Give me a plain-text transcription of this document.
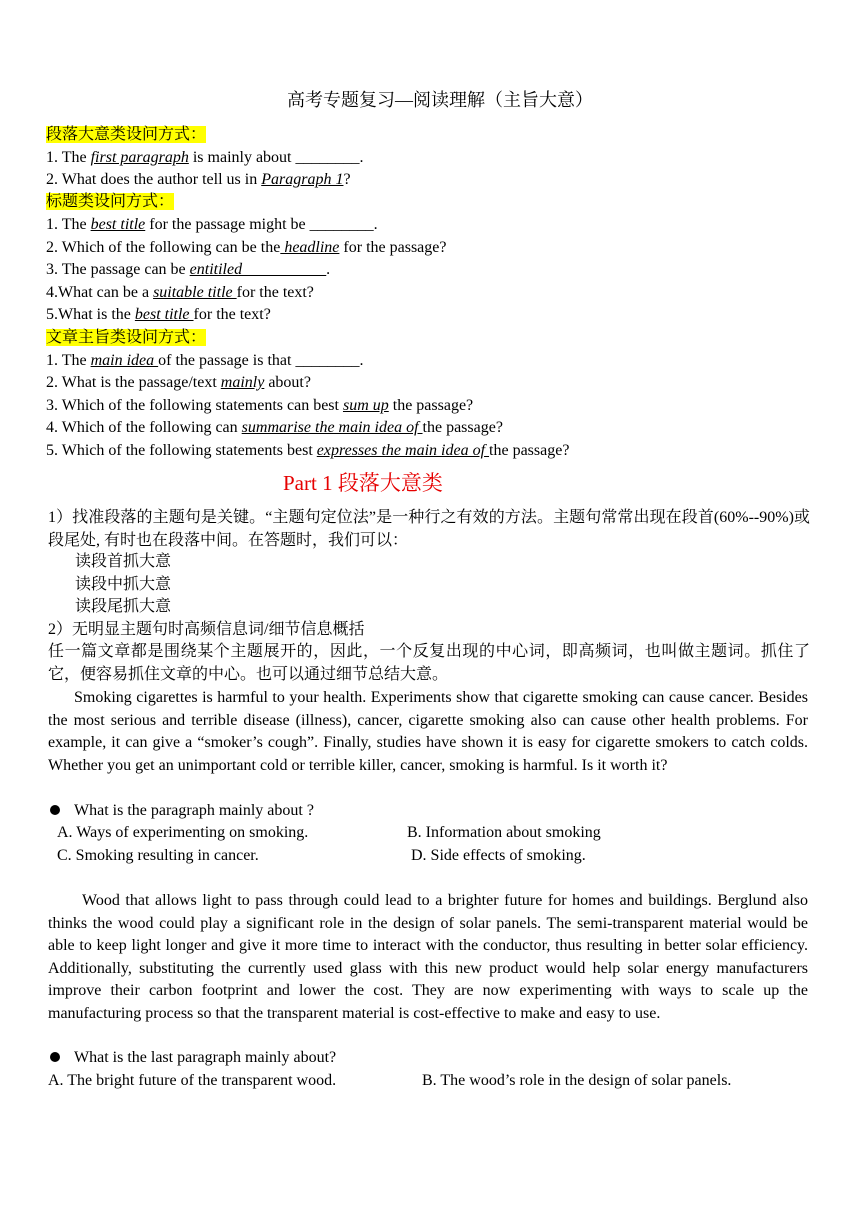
高考专题复习—阅读理解（主旨大意）
段落大意类设问方式：
1. The first paragraph is mainly about ________.
2. What does the author tell us in Paragraph 1?
标题类设问方式：
1. The best title for the passage might be ________.
2. Which of the following can be the headline for the passage?
3. The passage can be entitiled __________.
4.What can be a suitable title for the text?
5.What is the best title for the text?
文章主旨类设问方式：
1. The main idea of the passage is that ________.
2. What is the passage/text mainly about?
3. Which of the following statements can best sum up the passage?
4. Which of the following can summarise the main idea of the passage?
5. Which of the following statements best expresses the main idea of the passage?
Part 1 段落大意类
1）找准段落的主题句是关键。“主题句定位法”是一种行之有效的方法。主题句常常出现在段首(60%--90%)或段尾处, 有时也在段落中间。在答题时，我们可以：
读段首抓大意
读段中抓大意
读段尾抓大意
2）无明显主题句时高频信息词/细节信息概括
任一篇文章都是围绕某个主题展开的，因此，一个反复出现的中心词，即高频词，也叫做主题词。抓住了它，便容易抓住文章的中心。也可以通过细节总结大意。
Smoking cigarettes is harmful to your health. Experiments show that cigarette smoking can cause cancer. Besides the most serious and terrible disease (illness), cancer, cigarette smoking also can cause other health problems. For example, it can give a “smoker’s cough”. Finally, studies have shown it is easy for cigarette smokers to catch colds. Whether you get an unimportant cold or terrible killer, cancer, smoking is harmful. Is it worth it?
What is the paragraph mainly about ?
A. Ways of experimenting on smoking.	B. Information about smoking
C. Smoking resulting in cancer.	D. Side effects of smoking.
Wood that allows light to pass through could lead to a brighter future for homes and buildings. Berglund also thinks the wood could play a significant role in the design of solar panels. The semi-transparent material would be able to keep light longer and give it more time to interact with the conductor, thus resulting in better solar efficiency. Additionally, substituting the currently used glass with this new product would help solar energy manufacturers improve their carbon footprint and lower the cost. They are now experimenting with ways to scale up the manufacturing process so that the transparent material is cost-effective to make and easy to use.
What is the last paragraph mainly about?
A. The bright future of the transparent wood.	B. The wood’s role in the design of solar panels.
